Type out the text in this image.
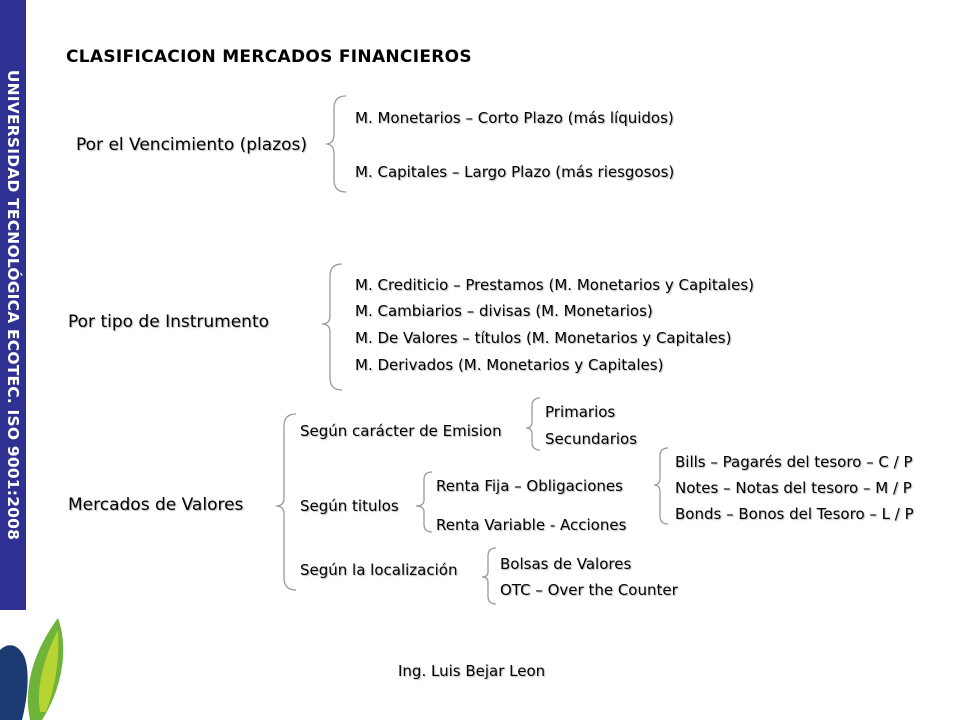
UNIVERSIDAD TECNOLÓGICA ECOTEC. ISO 9001:2008
CLASIFICACION MERCADOS FINANCIEROS
Por el Vencimiento (plazos)
M. Monetarios – Corto Plazo (más líquidos)
M. Capitales – Largo Plazo (más riesgosos)
Por tipo de Instrumento
M. Crediticio – Prestamos (M. Monetarios y Capitales)
M. Cambiarios – divisas (M. Monetarios)
M. De Valores – títulos (M. Monetarios y Capitales)
M. Derivados (M. Monetarios y Capitales)
Mercados de Valores
Según carácter de Emision
Primarios
Secundarios
Según titulos
Renta Fija – Obligaciones
Renta Variable - Acciones
Bills – Pagarés del tesoro – C / P
Notes – Notas del tesoro – M / P
Bonds – Bonos del Tesoro – L / P
Según la localización	Bolsas de Valores
OTC – Over the Counter
Ing. Luis Bejar Leon
